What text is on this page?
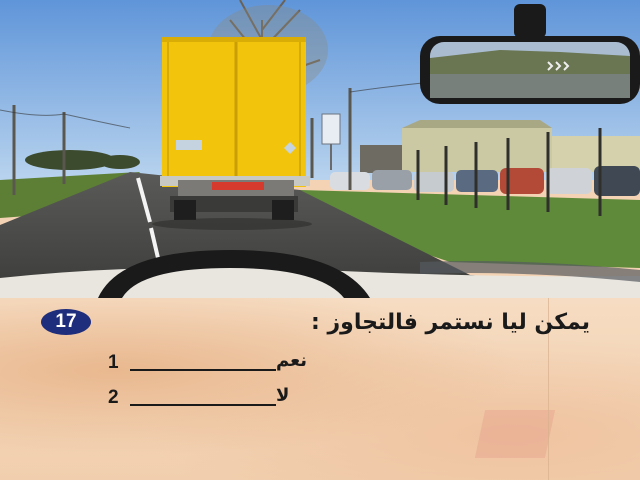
17	يمكن ليا نستمر فالتجاوز :
1	نعم
2	لا
